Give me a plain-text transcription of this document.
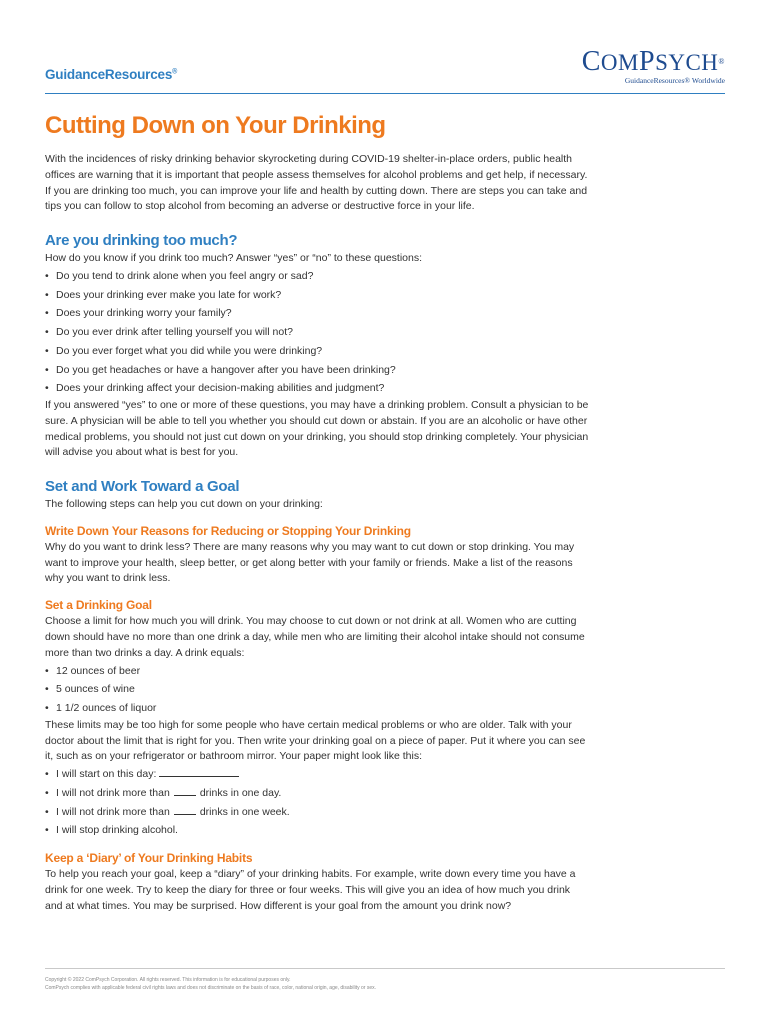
GuidanceResources®	COMPSYCH®
GuidanceResources® Worldwide
Cutting Down on Your Drinking

With the incidences of risky drinking behavior skyrocketing during COVID-19 shelter-in-place orders, public health offices are warning that it is important that people assess themselves for alcohol problems and get help, if necessary. If you are drinking too much, you can improve your life and health by cutting down. There are steps you can take and tips you can follow to stop alcohol from becoming an adverse or destructive force in your life.

Are you drinking too much?

How do you know if you drink too much? Answer “yes” or “no” to these questions:

• Do you tend to drink alone when you feel angry or sad?
• Does your drinking ever make you late for work?
• Does your drinking worry your family?
• Do you ever drink after telling yourself you will not?
• Do you ever forget what you did while you were drinking?
• Do you get headaches or have a hangover after you have been drinking?
• Does your drinking affect your decision-making abilities and judgment?

If you answered “yes” to one or more of these questions, you may have a drinking problem. Consult a physician to be sure. A physician will be able to tell you whether you should cut down or abstain. If you are an alcoholic or have other medical problems, you should not just cut down on your drinking, you should stop drinking completely. Your physician will advise you about what is best for you.

Set and Work Toward a Goal

The following steps can help you cut down on your drinking:

Write Down Your Reasons for Reducing or Stopping Your Drinking

Why do you want to drink less? There are many reasons why you may want to cut down or stop drinking. You may want to improve your health, sleep better, or get along better with your family or friends. Make a list of the reasons why you want to drink less.

Set a Drinking Goal

Choose a limit for how much you will drink. You may choose to cut down or not drink at all. Women who are cutting down should have no more than one drink a day, while men who are limiting their alcohol intake should not consume more than two drinks a day. A drink equals:

• 12 ounces of beer
• 5 ounces of wine
• 1 1/2 ounces of liquor

These limits may be too high for some people who have certain medical problems or who are older. Talk with your doctor about the limit that is right for you. Then write your drinking goal on a piece of paper. Put it where you can see it, such as on your refrigerator or bathroom mirror. Your paper might look like this:

• I will start on this day:
• I will not drink more than	drinks in one day.
• I will not drink more than	drinks in one week.
• I will stop drinking alcohol.
Keep a ‘Diary’ of Your Drinking Habits

To help you reach your goal, keep a “diary” of your drinking habits. For example, write down every time you have a drink for one week. Try to keep the diary for three or four weeks. This will give you an idea of how much you drink and at what times. You may be surprised. How different is your goal from the amount you drink now?

Copyright © 2022 ComPsych Corporation. All rights reserved. This information is for educational purposes only.
ComPsych complies with applicable federal civil rights laws and does not discriminate on the basis of race, color, national origin, age, disability or sex.
